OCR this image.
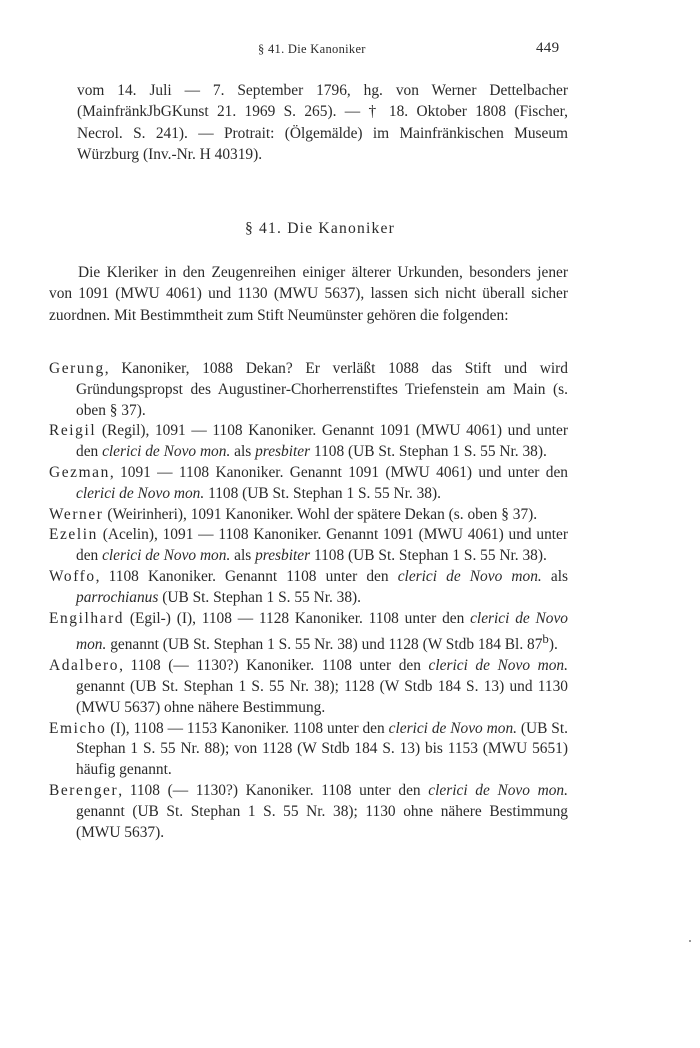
§ 41. Die Kanoniker	449
vom 14. Juli — 7. September 1796, hg. von Werner Dettelbacher (MainfränkJbGKunst 21. 1969 S. 265). — † 18. Oktober 1808 (Fischer, Necrol. S. 241). — Protrait: (Ölgemälde) im Mainfränkischen Museum Würzburg (Inv.-Nr. H 40319).
§ 41. Die Kanoniker
Die Kleriker in den Zeugenreihen einiger älterer Urkunden, besonders jener von 1091 (MWU 4061) und 1130 (MWU 5637), lassen sich nicht überall sicher zuordnen. Mit Bestimmtheit zum Stift Neumünster gehören die folgenden:

Gerung, Kanoniker, 1088 Dekan? Er verläßt 1088 das Stift und wird Gründungspropst des Augustiner-Chorherrenstiftes Triefenstein am Main (s. oben § 37).

Reigil (Regil), 1091 — 1108 Kanoniker. Genannt 1091 (MWU 4061) und unter den clerici de Novo mon. als presbiter 1108 (UB St. Stephan 1 S. 55 Nr. 38).

Gezman, 1091 — 1108 Kanoniker. Genannt 1091 (MWU 4061) und unter den clerici de Novo mon. 1108 (UB St. Stephan 1 S. 55 Nr. 38).

Werner (Weirinheri), 1091 Kanoniker. Wohl der spätere Dekan (s. oben § 37).

Ezelin (Acelin), 1091 — 1108 Kanoniker. Genannt 1091 (MWU 4061) und unter den clerici de Novo mon. als presbiter 1108 (UB St. Stephan 1 S. 55 Nr. 38).

Woffo, 1108 Kanoniker. Genannt 1108 unter den clerici de Novo mon. als parrochianus (UB St. Stephan 1 S. 55 Nr. 38).

Engilhard (Egil-) (I), 1108 — 1128 Kanoniker. 1108 unter den clerici de Novo mon. genannt (UB St. Stephan 1 S. 55 Nr. 38) und 1128 (W Stdb 184 Bl. 87$^b$).

Adalbero, 1108 (— 1130?) Kanoniker. 1108 unter den clerici de Novo mon. genannt (UB St. Stephan 1 S. 55 Nr. 38); 1128 (W Stdb 184 S. 13) und 1130 (MWU 5637) ohne nähere Bestimmung.

Emicho (I), 1108 — 1153 Kanoniker. 1108 unter den clerici de Novo mon. (UB St. Stephan 1 S. 55 Nr. 88); von 1128 (W Stdb 184 S. 13) bis 1153 (MWU 5651) häufig genannt.

Berenger, 1108 (— 1130?) Kanoniker. 1108 unter den clerici de Novo mon. genannt (UB St. Stephan 1 S. 55 Nr. 38); 1130 ohne nähere Bestimmung (MWU 5637).
